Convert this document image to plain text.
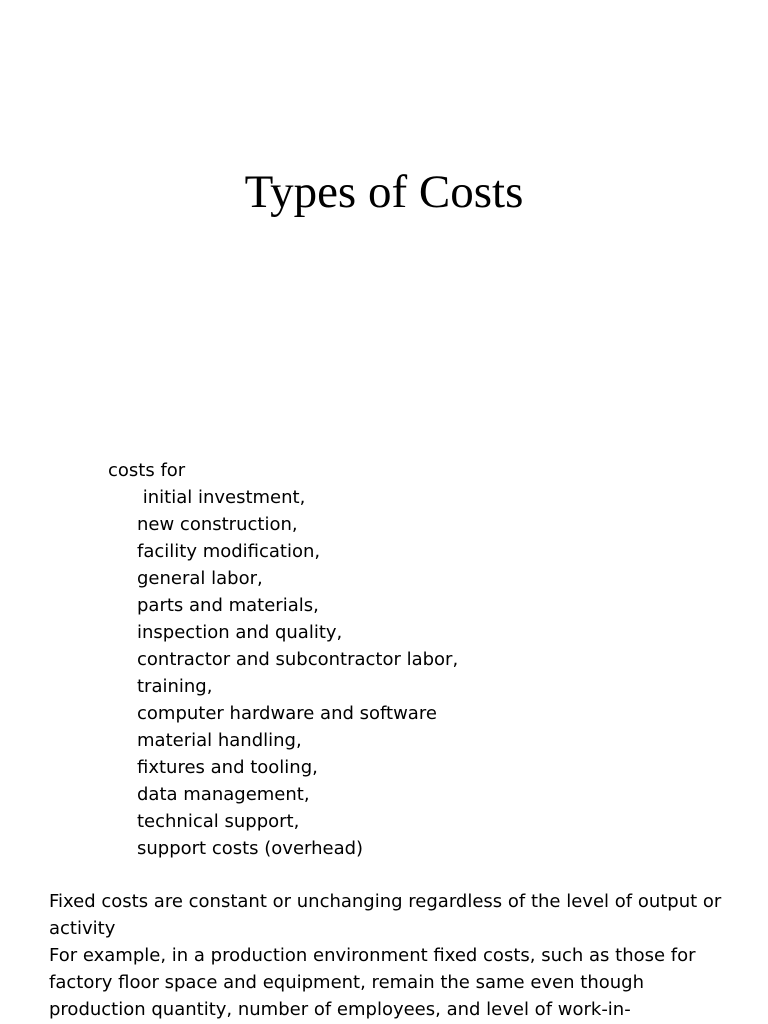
Types of Costs
costs for
initial investment,
new construction,
facility modification,
general labor,
parts and materials,
inspection and quality,
contractor and subcontractor labor,
training,
computer hardware and software
material handling,
fixtures and tooling,
data management,
technical support,
support costs (overhead)

Fixed costs are constant or unchanging regardless of the level of output or activity

For example, in a production environment fixed costs, such as those for factory floor space and equipment, remain the same even though production quantity, number of employees, and level of work-in-
